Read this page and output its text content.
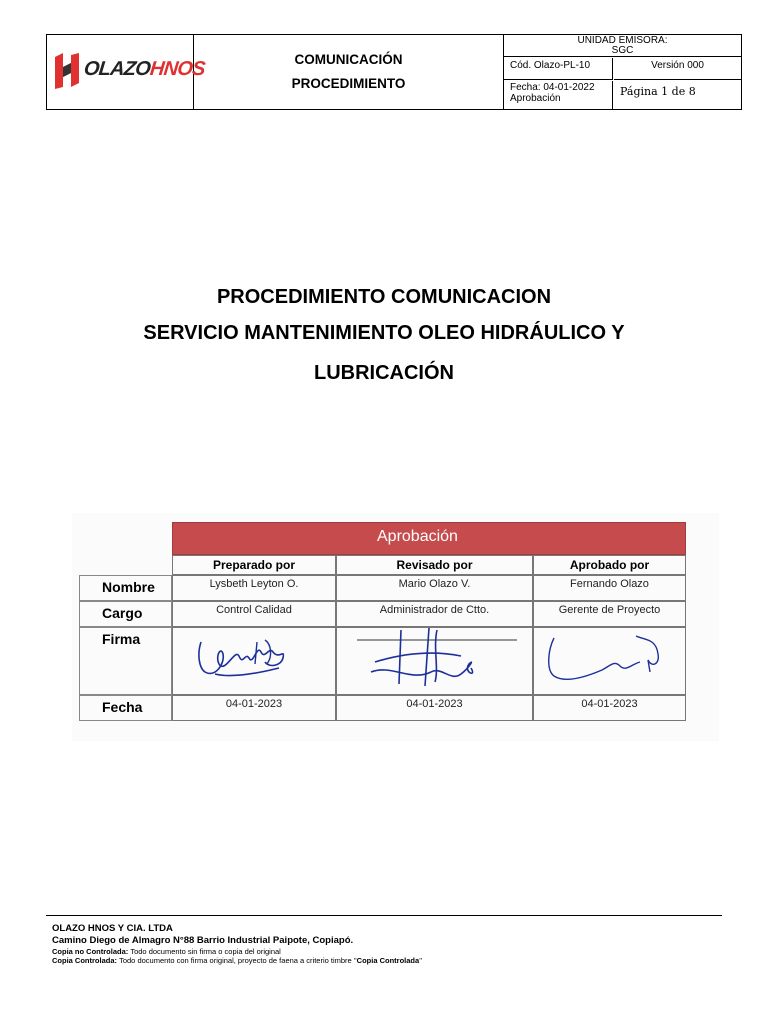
OLAZOHNOS	COMUNICACIÓN
PROCEDIMIENTO
UNIDAD EMISORA:
SGC
Cód. Olazo-PL-10	Versión 000
Fecha: 04-01-2022
Aprobación
Página 1 de 8
PROCEDIMIENTO COMUNICACION
SERVICIO MANTENIMIENTO OLEO HIDRÁULICO Y
LUBRICACIÓN
Aprobación
Preparado por	Revisado por	Aprobado por
Nombre	Lysbeth Leyton O.	Mario Olazo V.	Fernando Olazo
Cargo	Control Calidad	Administrador de Ctto.	Gerente de Proyecto
Firma
Fecha	04-01-2023	04-01-2023	04-01-2023
OLAZO HNOS Y CIA. LTDA
Camino Diego de Almagro N°88 Barrio Industrial Paipote, Copiapó.
Copia no Controlada: Todo documento sin firma o copia del original
Copia Controlada: Todo documento con firma original, proyecto de faena a criterio timbre ''Copia Controlada''
